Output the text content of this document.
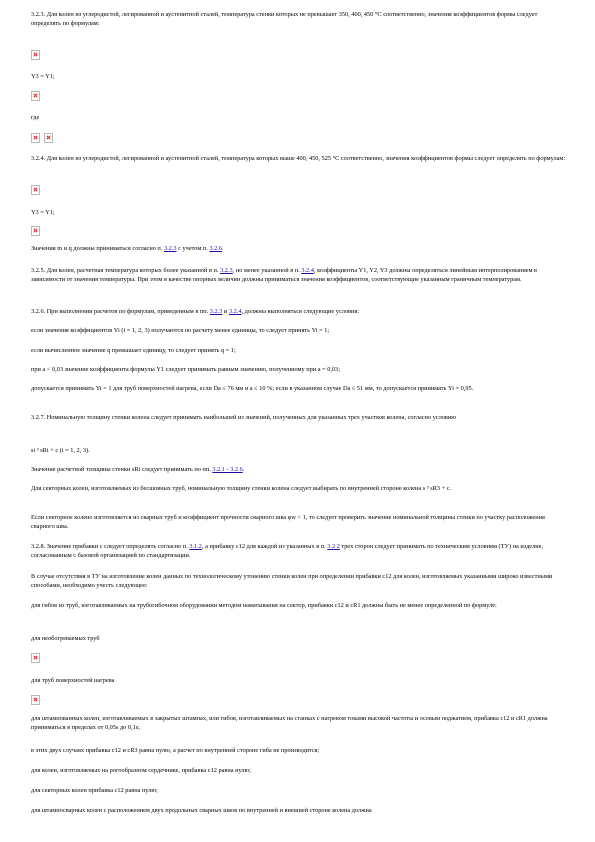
3.2.3. Для колен из углеродистой, легированной и аустенитной сталей, температура стенки которых не превышает 350, 400, 450 °С соответственно, значения коэффициентов формы следует определять по формулам:
Y3 = Y1;
где
3.2.4. Для колен из углеродистой, легированной и аустенитной сталей, температура которых выше 400, 450, 525 °С соответственно, значения коэффициентов формы следует определять по формулам:
Y3 = Y1;
Значения m и q должны приниматься согласно п. 3.2.3 с учетом п. 3.2.6.
3.2.5. Для колен, расчетная температура которых более указанной в п. 3.2.3, но менее указанной в п. 3.2.4, коэффициенты Y1, Y2, Y3 должны определяться линейным интерполированием в зависимости от значения температуры. При этом в качестве опорных величин должны приниматься значения коэффициентов, соответствующие указанным граничным температурам.
3.2.6. При выполнении расчетов по формулам, приведенным в пп. 3.2.3 и 3.2.4, должны выполняться следующие условия:
если значения коэффициентов Yi (i = 1, 2, 3) получаются по расчету менее единицы, то следует принять Yi = 1;
если вычисленное значение q превышает единицу, то следует принять q = 1;
при a < 0,03 значение коэффициента формулы Y1 следует принимать равным значению, полученному при a = 0,03;
допускается принимать Yi = 1 для труб поверхностей нагрева, если Dа ≤ 76 мм и a ≤ 10 %; если в указанном случае Dа ≤ 51 мм, то допускается принимать Yi = 0,95.
3.2.7. Номинальную толщину стенки колена следует принимать наибольшей из значений, полученных для указанных трех участков колена, согласно условию
si ³ sRi + c (i = 1, 2, 3).
Значение расчетной толщины стенки sRi следует принимать по пп. 3.2.1 - 3.2.6.
Для секторных колен, изготовляемых из бесшовных труб, номинальную толщину стенки колена следует выбирать по внутренней стороне колена s ³ sR3 + c.
Если секторное колено изготовляется из сварных труб и коэффициент прочности сварного шва φw < 1, то следует проверить значение номинальной толщины стенки по участку расположения сварного шва.
3.2.8. Значение прибавки с следует определять согласно п. 3.1.2, а прибавку с12 для каждой из указанных в п. 3.2.2 трех сторон следует принимать по техническим условиям (ТУ) на изделие, согласованным с базовой организацией по стандартизации.
В случае отсутствия в ТУ на изготовление колен данных по технологическому утонению стенки колен при определении прибавки с12 для колен, изготовляемых указанными широко известными способами, необходимо учесть следующее:
для гибов из труб, изготавливаемых на трубогибочном оборудовании методом наматывания на сектор, прибавки с12 и сR1 должны быть не менее определенной по формуле:
для необогреваемых труб
для труб поверхностей нагрева
для штампованных колен, изготавливаемых в закрытых штампах, или гибов, изготавливаемых на станках с нагревом токами высокой частоты и осевым поджатием, прибавка с12 и сR1 должна приниматься в пределах от 0,05s до 0,1s;
в этих двух случаях прибавка с12 и сR3 равна нулю, а расчет по внутренней стороне гиба не производится;
для колен, изготовляемых на рогообразном сердечнике, прибавка с12 равна нулю;
для секторных колен прибавка с12 равна нулю;
для штампосварных колен с расположением двух продольных сварных швов по внутренней и внешней стороне колена должна
